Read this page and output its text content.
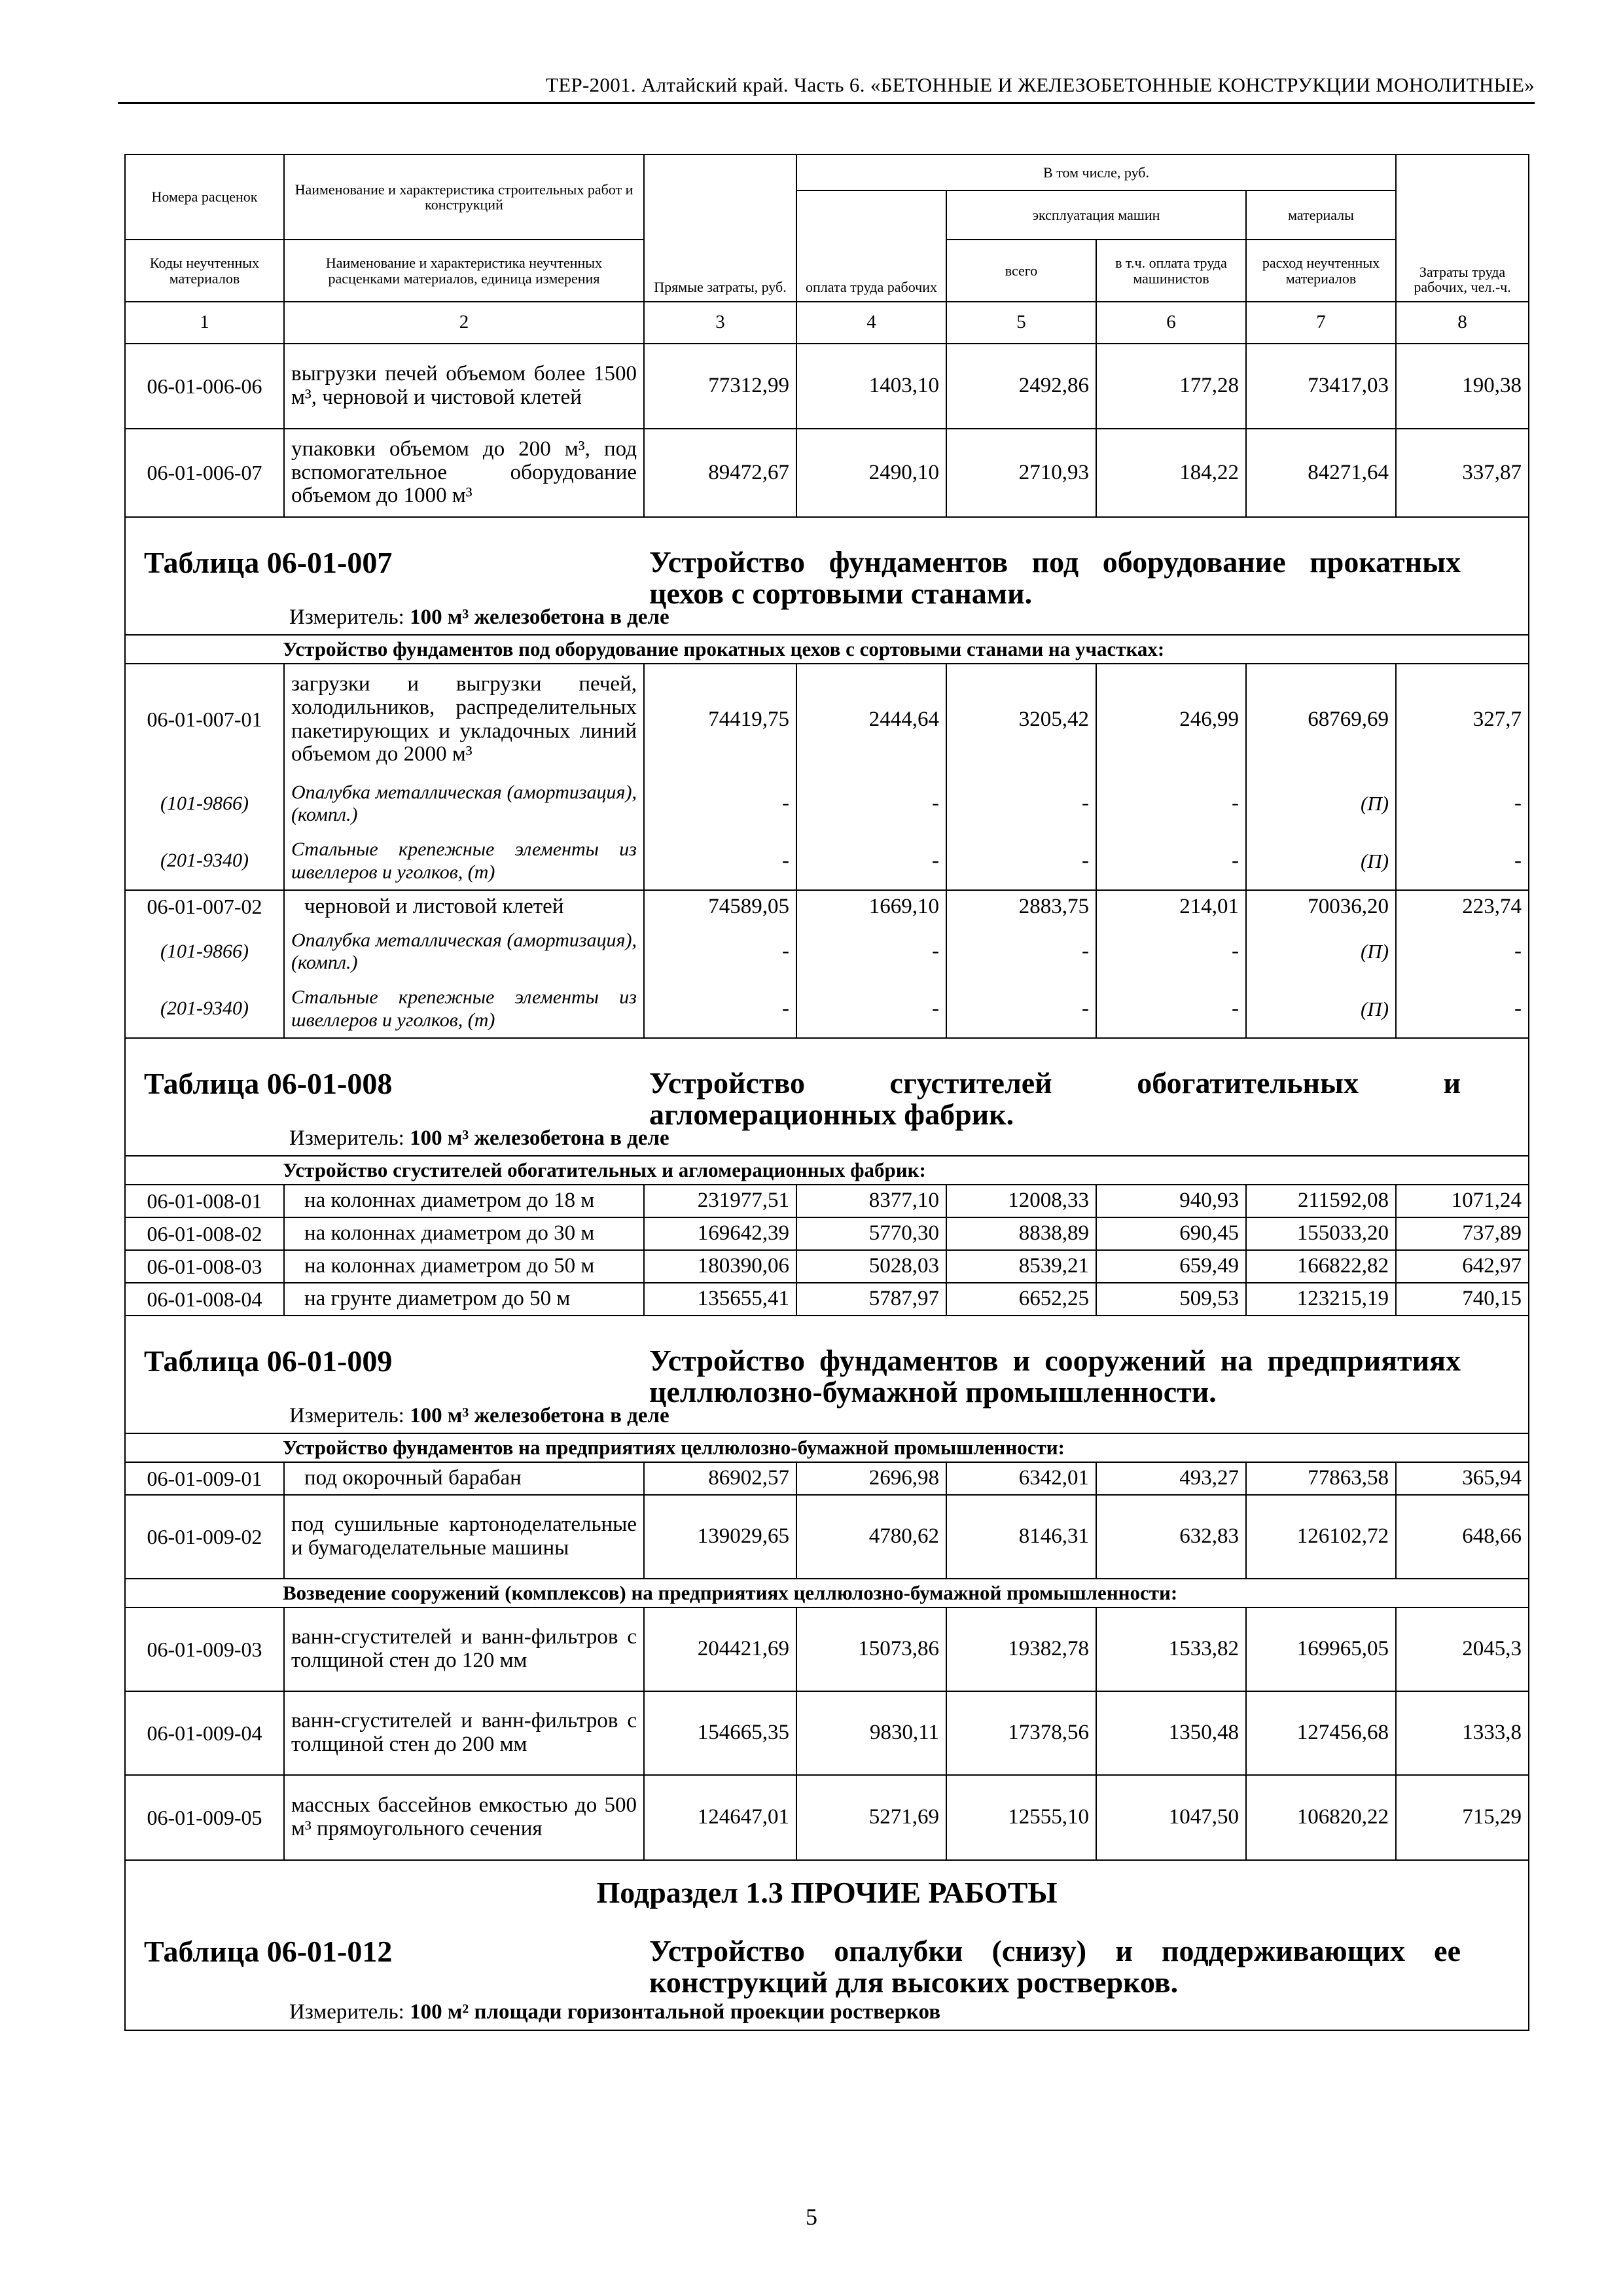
ТЕР-2001. Алтайский край. Часть 6. «БЕТОННЫЕ И ЖЕЛЕЗОБЕТОННЫЕ КОНСТРУКЦИИ МОНОЛИТНЫЕ»
Номера расценок	Наименование и характеристика строительных работ и конструкций	Прямые затраты, руб.	В том числе, руб.				Затраты труда рабочих, чел.-ч.
			оплата труда рабочих	эксплуатация машин		материалы	
Коды неучтенных материалов	Наименование и характеристика неучтенных расценками материалов, единица измерения			всего	в т.ч. оплата труда машинистов	расход неучтенных материалов	
1	2	3	4	5	6	7	8
06-01-006-06	выгрузки печей объемом более 1500 м³, черновой и чистовой клетей	77312,99	1403,10	2492,86	177,28	73417,03	190,38
06-01-006-07	упаковки объемом до 200 м³, под вспомогательное оборудование объемом до 1000 м³	89472,67	2490,10	2710,93	184,22	84271,64	337,87

Таблица 06-01-007 Устройство фундаментов под оборудование прокатных цехов с сортовыми станами.							

Измеритель: 100 м³ железобетона в деле							
Устройство фундаментов под оборудование прокатных цехов с сортовыми станами на участках:							
06-01-007-01	загрузки и выгрузки печей, холодильников, распределительных пакетирующих и укладочных линий объемом до 2000 м³	74419,75	2444,64	3205,42	246,99	68769,69	327,7
(101-9866)	Опалубка металлическая (амортизация), (компл.)	-	-	-	-	(П)	-
(201-9340)	Стальные крепежные элементы из швеллеров и уголков, (т)	-	-	-	-	(П)	-
06-01-007-02	черновой и листовой клетей	74589,05	1669,10	2883,75	214,01	70036,20	223,74
(101-9866)	Опалубка металлическая (амортизация), (компл.)	-	-	-	-	(П)	-
(201-9340)	Стальные крепежные элементы из швеллеров и уголков, (т)	-	-	-	-	(П)	-

Таблица 06-01-008 Устройство сгустителей обогатительных и агломерационных фабрик.							

Измеритель: 100 м³ железобетона в деле							
Устройство сгустителей обогатительных и агломерационных фабрик:							
06-01-008-01	на колоннах диаметром до 18 м	231977,51	8377,10	12008,33	940,93	211592,08	1071,24
06-01-008-02	на колоннах диаметром до 30 м	169642,39	5770,30	8838,89	690,45	155033,20	737,89
06-01-008-03	на колоннах диаметром до 50 м	180390,06	5028,03	8539,21	659,49	166822,82	642,97
06-01-008-04	на грунте диаметром до 50 м	135655,41	5787,97	6652,25	509,53	123215,19	740,15

Таблица 06-01-009 Устройство фундаментов и сооружений на предприятиях целлюлозно-бумажной промышленности.							

Измеритель: 100 м³ железобетона в деле							
Устройство фундаментов на предприятиях целлюлозно-бумажной промышленности:							
06-01-009-01	под окорочный барабан	86902,57	2696,98	6342,01	493,27	77863,58	365,94
06-01-009-02	под сушильные картоноделательные и бумагоделательные машины	139029,65	4780,62	8146,31	632,83	126102,72	648,66
Возведение сооружений (комплексов) на предприятиях целлюлозно-бумажной промышленности:							
06-01-009-03	ванн-сгустителей и ванн-фильтров с толщиной стен до 120 мм	204421,69	15073,86	19382,78	1533,82	169965,05	2045,3
06-01-009-04	ванн-сгустителей и ванн-фильтров с толщиной стен до 200 мм	154665,35	9830,11	17378,56	1350,48	127456,68	1333,8
06-01-009-05	массных бассейнов емкостью до 500 м³ прямоугольного сечения	124647,01	5271,69	12555,10	1047,50	106820,22	715,29
Подраздел 1.3 ПРОЧИЕ РАБОТЫ							

Таблица 06-01-012 Устройство опалубки (снизу) и поддерживающих ее конструкций для высоких ростверков.							

Измеритель: 100 м² площади горизонтальной проекции ростверков							
5
